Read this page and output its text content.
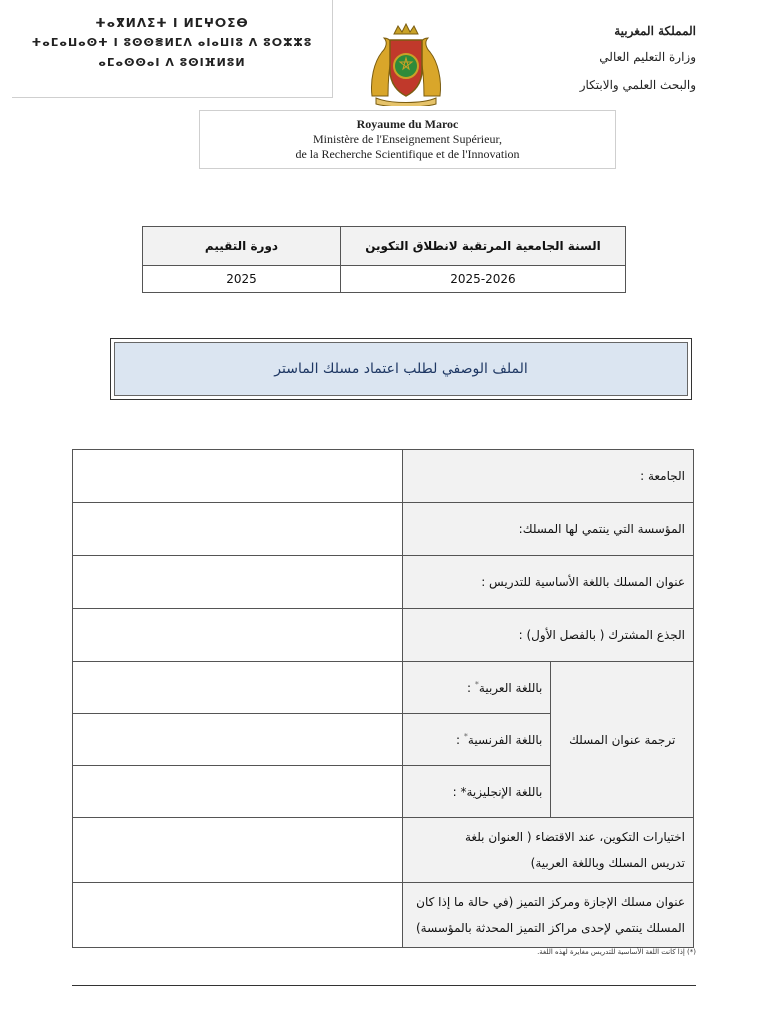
ⵜⴰⴳⵍⴷⵉⵜ ⵏ ⵍⵎⵖⵔⵉⴱ
ⵜⴰⵎⴰⵡⴰⵙⵜ ⵏ ⵓⵙⵙⴻⵍⵎⴷ ⴰⵏⴰⵡⵏⵓ ⴷ ⵓⵔⵣⵣⵓ
ⴰⵎⴰⵙⵙⴰⵏ ⴷ ⵓⵙⵏⴼⵍⵓⵍ
المملكة المغربية
وزارة التعليم العالي
والبحث العلمي والابتكار
Royaume du Maroc
Ministère de l'Enseignement Supérieur,
de la Recherche Scientifique et de l'Innovation
السنة الجامعية المرتقبة لانطلاق التكوين	دورة التقييم
2025-2026	2025
الملف الوصفي لطلب اعتماد مسلك الماستر
الجامعة :		
المؤسسة التي ينتمي لها المسلك:		
عنوان المسلك باللغة الأساسية للتدريس :		
الجذع المشترك ( بالفصل الأول) :		
ترجمة عنوان المسلك	باللغة العربية* :	
	باللغة الفرنسية* :	
	باللغة الإنجليزية* :	

اختيارات التكوين، عند الاقتضاء ( العنوان بلغة
تدريس المسلك وباللغة العربية)		

عنوان مسلك الإجازة ومركز التميز (في حالة ما إذا كان
المسلك ينتمي لإحدى مراكز التميز المحدثة بالمؤسسة)		

(*) إذا كانت اللغة الأساسية للتدريس مغايرة لهذه اللغة.
